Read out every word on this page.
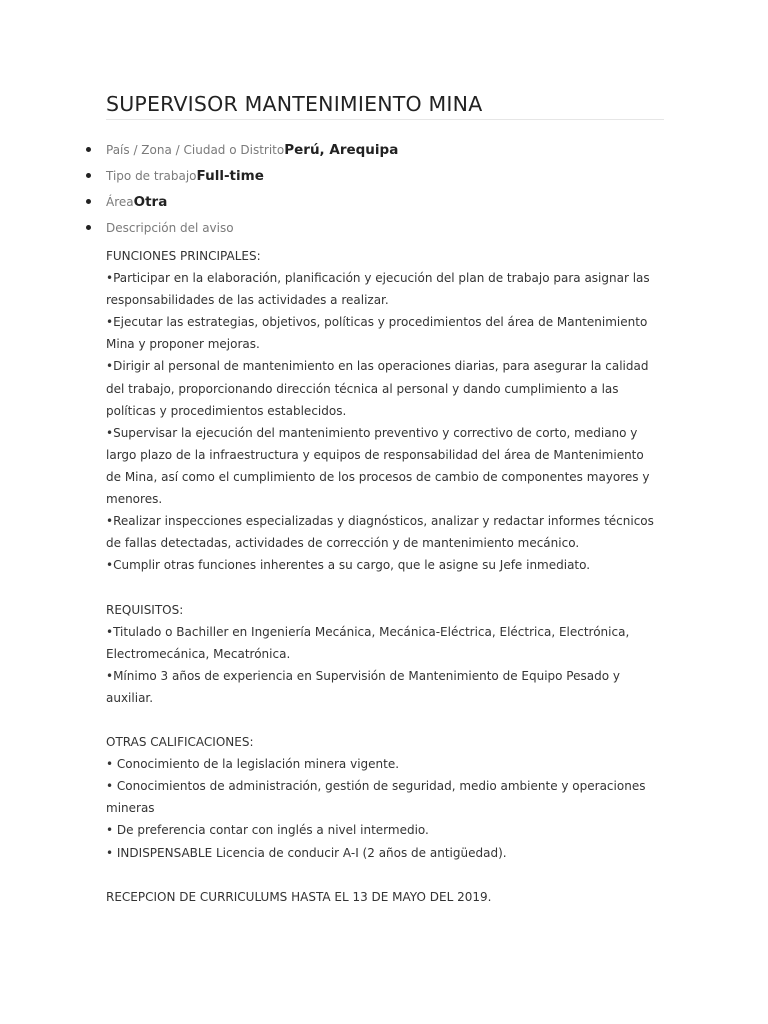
SUPERVISOR MANTENIMIENTO MINA
País / Zona / Ciudad o DistritoPerú, Arequipa
Tipo de trabajoFull-time
ÁreaOtra
Descripción del aviso
FUNCIONES PRINCIPALES:
•Participar en la elaboración, planificación y ejecución del plan de trabajo para asignar las
responsabilidades de las actividades a realizar.
•Ejecutar las estrategias, objetivos, políticas y procedimientos del área de Mantenimiento
Mina y proponer mejoras.
•Dirigir al personal de mantenimiento en las operaciones diarias, para asegurar la calidad
del trabajo, proporcionando dirección técnica al personal y dando cumplimiento a las
políticas y procedimientos establecidos.
•Supervisar la ejecución del mantenimiento preventivo y correctivo de corto, mediano y
largo plazo de la infraestructura y equipos de responsabilidad del área de Mantenimiento
de Mina, así como el cumplimiento de los procesos de cambio de componentes mayores y
menores.
•Realizar inspecciones especializadas y diagnósticos, analizar y redactar informes técnicos
de fallas detectadas, actividades de corrección y de mantenimiento mecánico.
•Cumplir otras funciones inherentes a su cargo, que le asigne su Jefe inmediato.
REQUISITOS:
•Titulado o Bachiller en Ingeniería Mecánica, Mecánica-Eléctrica, Eléctrica, Electrónica,
Electromecánica, Mecatrónica.
•Mínimo 3 años de experiencia en Supervisión de Mantenimiento de Equipo Pesado y
auxiliar.
OTRAS CALIFICACIONES:
• Conocimiento de la legislación minera vigente.
• Conocimientos de administración, gestión de seguridad, medio ambiente y operaciones
mineras
• De preferencia contar con inglés a nivel intermedio.
• INDISPENSABLE Licencia de conducir A-I (2 años de antigüedad).
RECEPCION DE CURRICULUMS HASTA EL 13 DE MAYO DEL 2019.
